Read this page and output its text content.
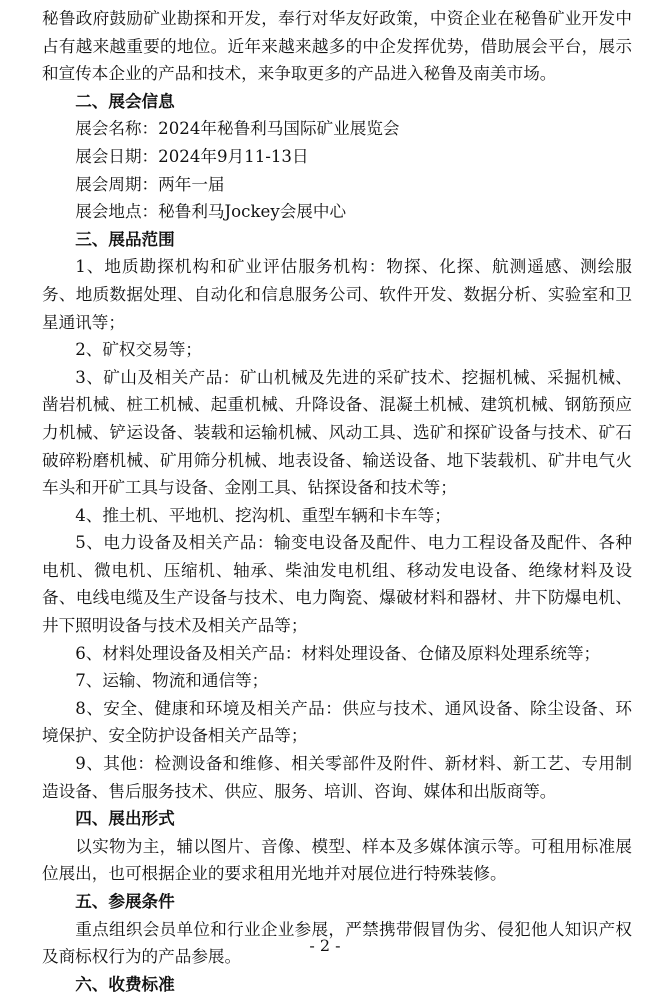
秘鲁政府鼓励矿业勘探和开发，奉行对华友好政策，中资企业在秘鲁矿业开发中占有越来越重要的地位。近年来越来越多的中企发挥优势，借助展会平台，展示和宣传本企业的产品和技术，来争取更多的产品进入秘鲁及南美市场。

二、展会信息

展会名称：2024年秘鲁利马国际矿业展览会

展会日期：2024年9月11-13日

展会周期：两年一届

展会地点：秘鲁利马Jockey会展中心

三、展品范围

1、地质勘探机构和矿业评估服务机构：物探、化探、航测遥感、测绘服务、地质数据处理、自动化和信息服务公司、软件开发、数据分析、实验室和卫星通讯等；

2、矿权交易等；

3、矿山及相关产品：矿山机械及先进的采矿技术、挖掘机械、采掘机械、凿岩机械、桩工机械、起重机械、升降设备、混凝土机械、建筑机械、钢筋预应力机械、铲运设备、装载和运输机械、风动工具、选矿和探矿设备与技术、矿石破碎粉磨机械、矿用筛分机械、地表设备、输送设备、地下装载机、矿井电气火车头和开矿工具与设备、金刚工具、钻探设备和技术等；

4、推土机、平地机、挖沟机、重型车辆和卡车等；

5、电力设备及相关产品：输变电设备及配件、电力工程设备及配件、各种电机、微电机、压缩机、轴承、柴油发电机组、移动发电设备、绝缘材料及设备、电线电缆及生产设备与技术、电力陶瓷、爆破材料和器材、井下防爆电机、井下照明设备与技术及相关产品等；

6、材料处理设备及相关产品：材料处理设备、仓储及原料处理系统等；

7、运输、物流和通信等；

8、安全、健康和环境及相关产品：供应与技术、通风设备、除尘设备、环境保护、安全防护设备相关产品等；

9、其他：检测设备和维修、相关零部件及附件、新材料、新工艺、专用制造设备、售后服务技术、供应、服务、培训、咨询、媒体和出版商等。

四、展出形式

以实物为主，辅以图片、音像、模型、样本及多媒体演示等。可租用标准展位展出，也可根据企业的要求租用光地并对展位进行特殊装修。

五、参展条件

重点组织会员单位和行业企业参展，严禁携带假冒伪劣、侵犯他人知识产权及商标权行为的产品参展。

六、收费标准

- 2 -
